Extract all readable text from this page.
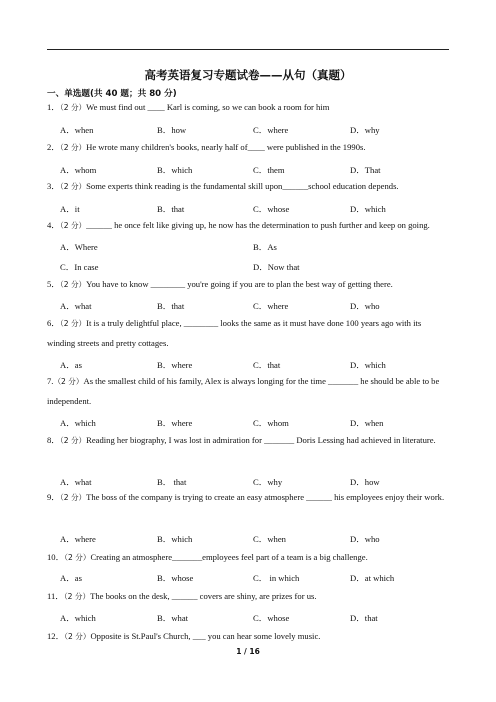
高考英语复习专题试卷——从句（真题）
一、单选题(共 40 题；共 80 分)
1．（2 分）We must find out ____ Karl is coming, so we can book a room for him
A．when	B．how	C．where	D．why
2．（2 分）He wrote many children's books, nearly half of____ were published in the 1990s.
A．whom	B．which	C．them	D．That
3．（2 分）Some experts think reading is the fundamental skill upon______school education depends.
A．it	B．that	C．whose	D．which
4．（2 分）______ he once felt like giving up, he now has the determination to push further and keep on going.
A．Where	B．As
C．In case	D．Now that
5．（2 分）You have to know ________ you're going if you are to plan the best way of getting there.
A．what	B．that	C．where	D．who
6．（2 分）It is a truly delightful place, ________ looks the same as it must have done 100 years ago with its winding streets and pretty cottages.
A．as	B．where	C．that	D．which
7.（2 分）As the smallest child of his family, Alex is always longing for the time _______ he should be able to be independent.
A．which	B．where	C．whom	D．when
8．（2 分）Reading her biography, I was lost in admiration for _______ Doris Lessing had achieved in literature.
A．what	B． that	C．why	D．how
9．（2 分）The boss of the company is trying to create an easy atmosphere ______ his employees enjoy their work.
A．where	B．which	C．when	D．who
10．（2 分）Creating an atmosphere_______employees feel part of a team is a big challenge.
A．as	B．whose	C． in which	D．at which
11．（2 分）The books on the desk, ______ covers are shiny, are prizes for us.
A．which	B．what	C．whose	D．that
12．（2 分）Opposite is St.Paul's Church, ___ you can hear some lovely music.
1 / 16
